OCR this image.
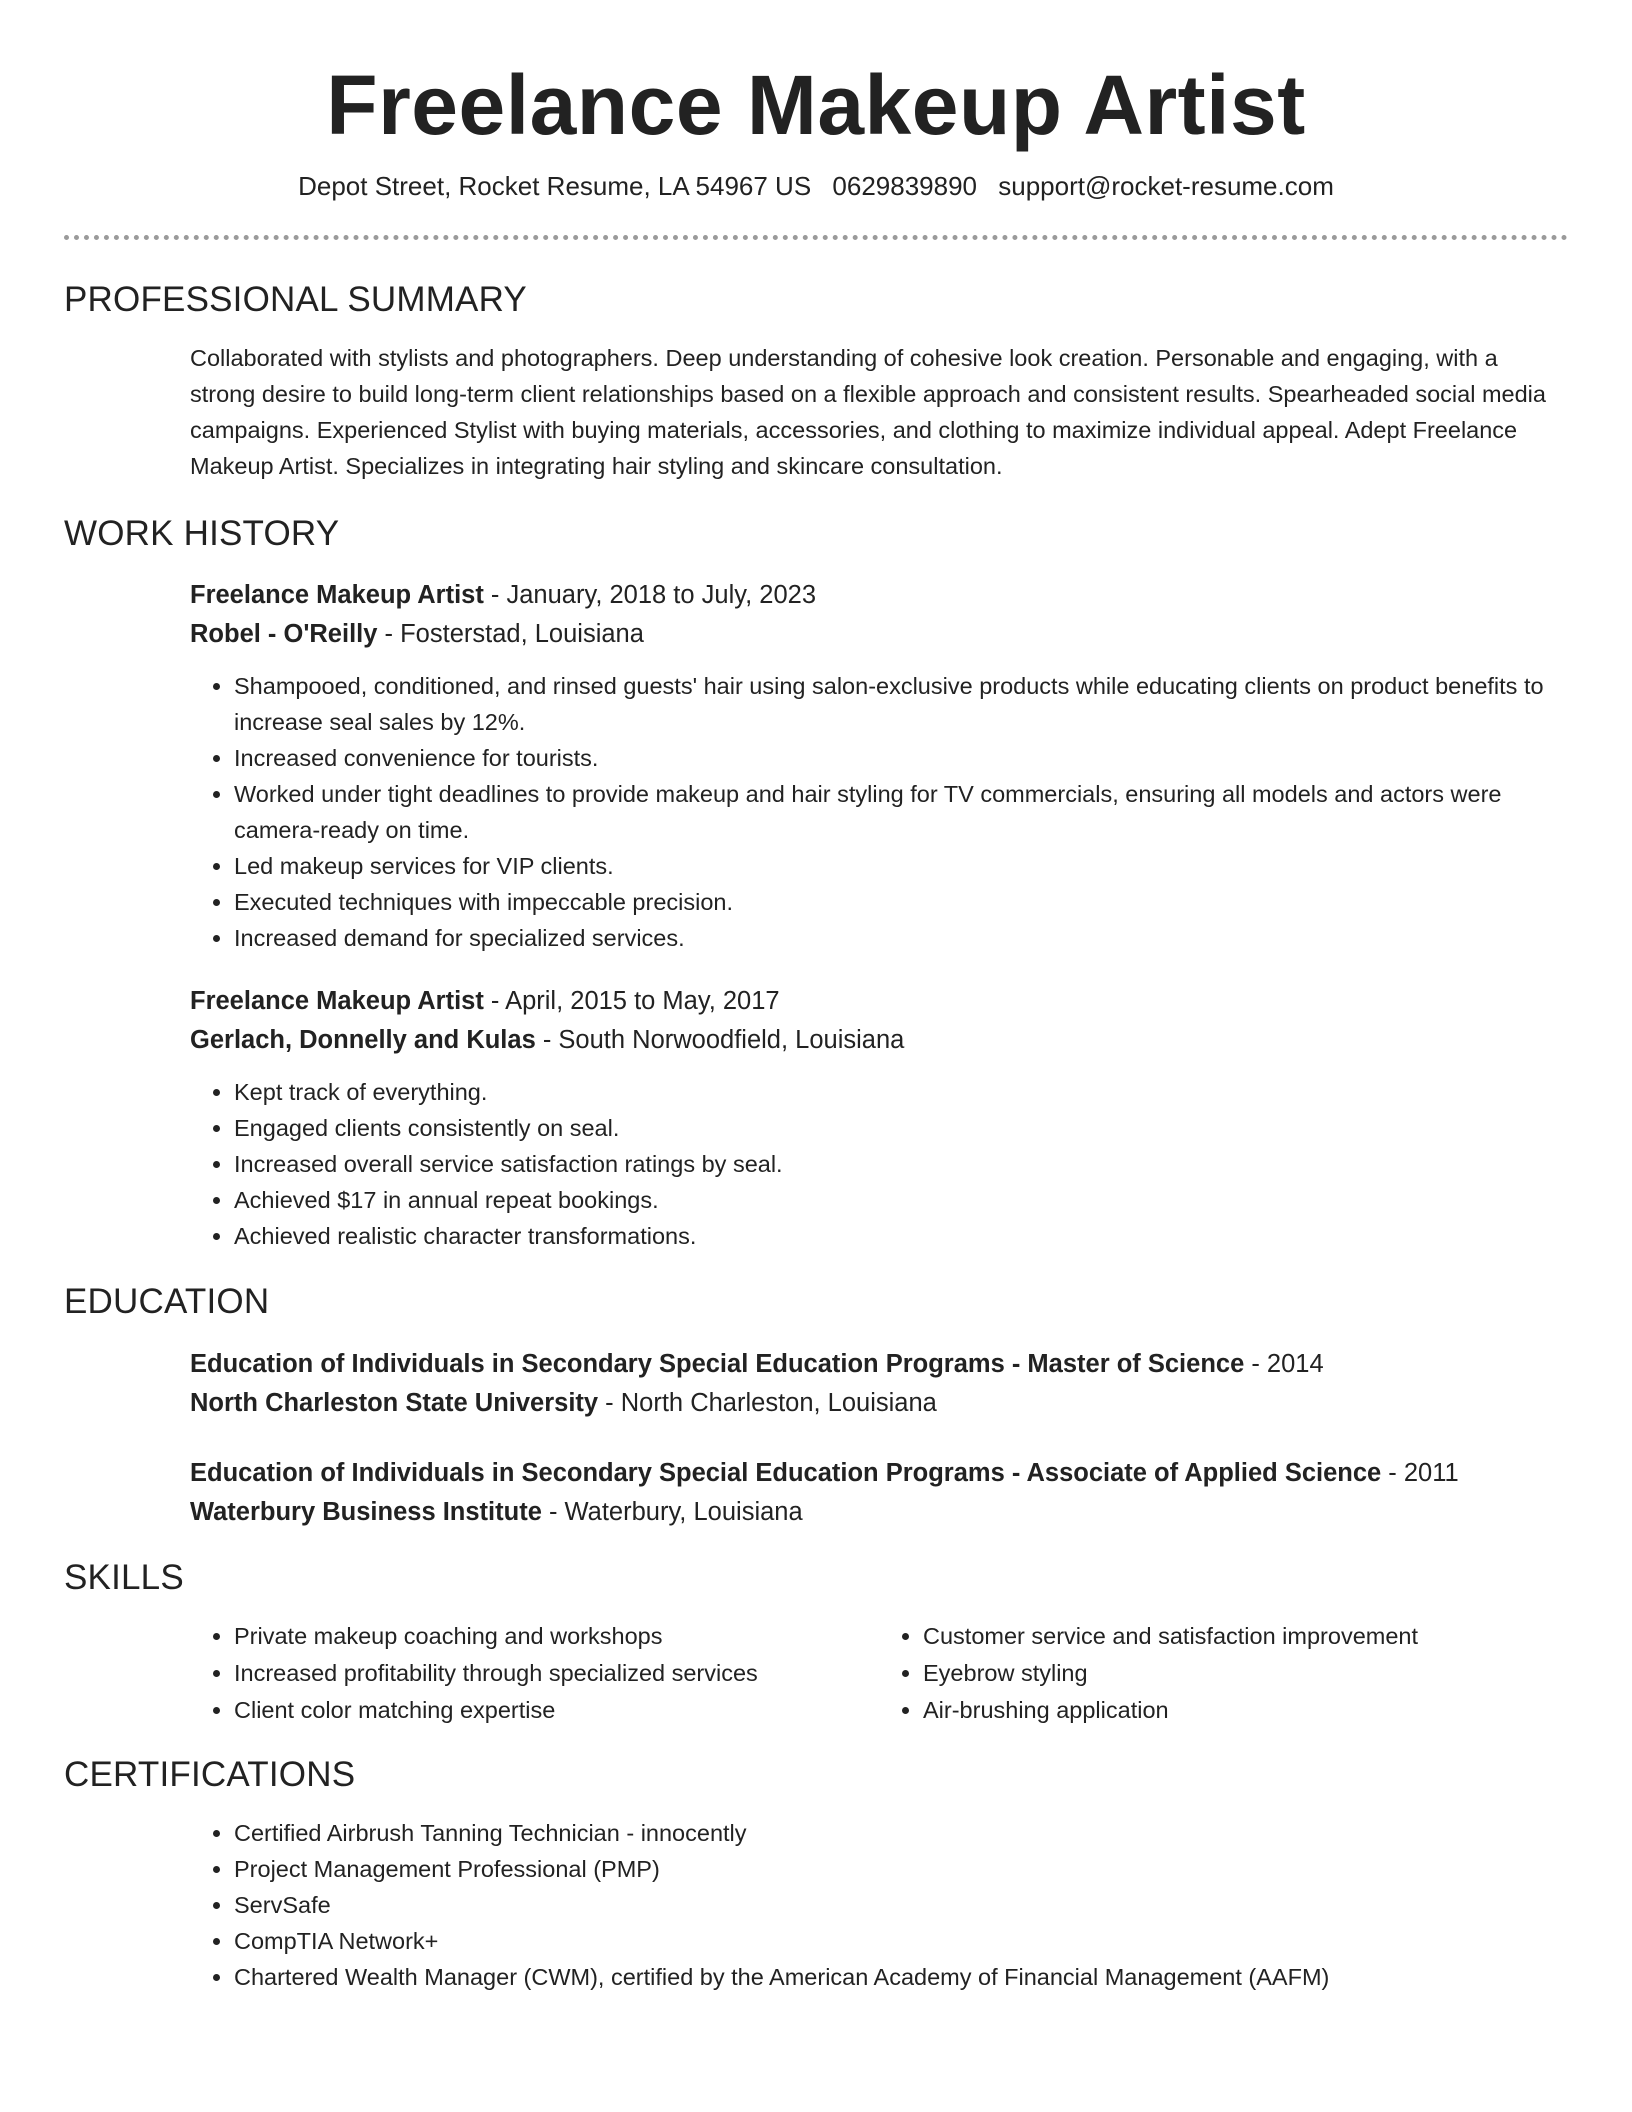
Freelance Makeup Artist
Depot Street, Rocket Resume, LA 54967 US 0629839890 support@rocket-resume.com
PROFESSIONAL SUMMARY

Collaborated with stylists and photographers. Deep understanding of cohesive look creation. Personable and engaging, with a strong desire to build long-term client relationships based on a flexible approach and consistent results. Spearheaded social media campaigns. Experienced Stylist with buying materials, accessories, and clothing to maximize individual appeal. Adept Freelance Makeup Artist. Specializes in integrating hair styling and skincare consultation.

WORK HISTORY
Freelance Makeup Artist - January, 2018 to July, 2023
Robel - O'Reilly - Fosterstad, Louisiana
• Shampooed, conditioned, and rinsed guests' hair using salon-exclusive products while educating clients on product benefits to increase seal sales by 12%.
• Increased convenience for tourists.
• Worked under tight deadlines to provide makeup and hair styling for TV commercials, ensuring all models and actors were camera-ready on time.
• Led makeup services for VIP clients.
• Executed techniques with impeccable precision.
• Increased demand for specialized services.
Freelance Makeup Artist - April, 2015 to May, 2017
Gerlach, Donnelly and Kulas - South Norwoodfield, Louisiana
• Kept track of everything.
• Engaged clients consistently on seal.
• Increased overall service satisfaction ratings by seal.
• Achieved $17 in annual repeat bookings.
• Achieved realistic character transformations.
EDUCATION
Education of Individuals in Secondary Special Education Programs - Master of Science - 2014
North Charleston State University - North Charleston, Louisiana
Education of Individuals in Secondary Special Education Programs - Associate of Applied Science - 2011
Waterbury Business Institute - Waterbury, Louisiana
SKILLS
• Private makeup coaching and workshops
• Increased profitability through specialized services
• Client color matching expertise
• Customer service and satisfaction improvement
• Eyebrow styling
• Air-brushing application
CERTIFICATIONS
• Certified Airbrush Tanning Technician - innocently
• Project Management Professional (PMP)
• ServSafe
• CompTIA Network+
• Chartered Wealth Manager (CWM), certified by the American Academy of Financial Management (AAFM)
